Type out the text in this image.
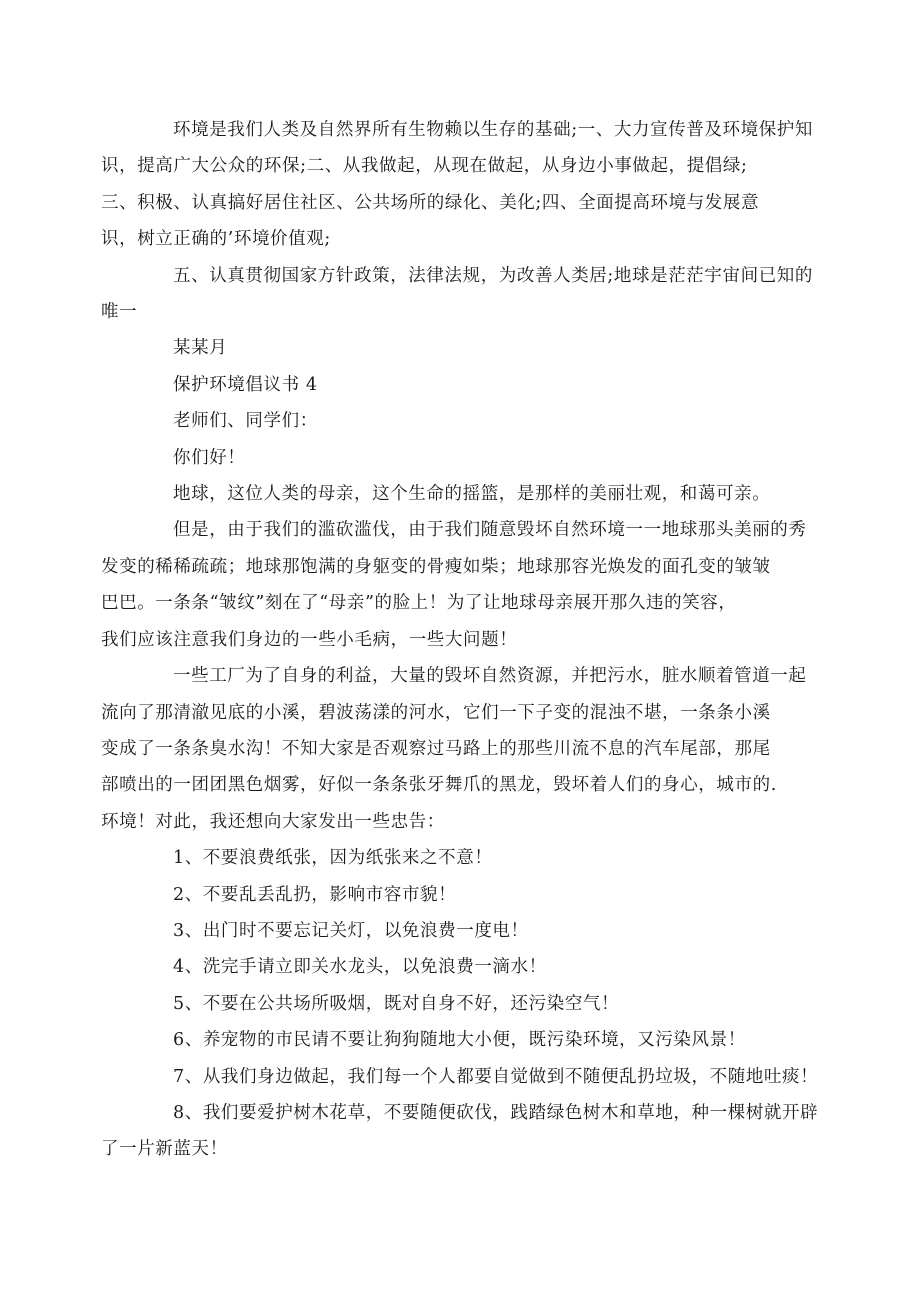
环境是我们人类及自然界所有生物赖以生存的基础;一、大力宣传普及环境保护知
识，提高广大公众的环保;二、从我做起，从现在做起，从身边小事做起，提倡绿;
三、积极、认真搞好居住社区、公共场所的绿化、美化;四、全面提高环境与发展意
识，树立正确的’环境价值观;

五、认真贯彻国家方针政策，法律法规，为改善人类居;地球是茫茫宇宙间已知的
唯一

某某月

保护环境倡议书 4

老师们、同学们：

你们好！

地球，这位人类的母亲，这个生命的摇篮，是那样的美丽壮观，和蔼可亲。

但是，由于我们的滥砍滥伐，由于我们随意毁坏自然环境一一地球那头美丽的秀
发变的稀稀疏疏；地球那饱满的身躯变的骨瘦如柴；地球那容光焕发的面孔变的皱皱
巴巴。一条条“皱纹”刻在了“母亲”的脸上！为了让地球母亲展开那久违的笑容，
我们应该注意我们身边的一些小毛病，一些大问题！

一些工厂为了自身的利益，大量的毁坏自然资源，并把污水，脏水顺着管道一起
流向了那清澈见底的小溪，碧波荡漾的河水，它们一下子变的混浊不堪，一条条小溪
变成了一条条臭水沟！不知大家是否观察过马路上的那些川流不息的汽车尾部，那尾
部喷出的一团团黑色烟雾，好似一条条张牙舞爪的黑龙，毁坏着人们的身心，城市的.
环境！对此，我还想向大家发出一些忠告：

1、不要浪费纸张，因为纸张来之不意！

2、不要乱丢乱扔，影响市容市貌！

3、出门时不要忘记关灯，以免浪费一度电！

4、洗完手请立即关水龙头，以免浪费一滴水！

5、不要在公共场所吸烟，既对自身不好，还污染空气！

6、养宠物的市民请不要让狗狗随地大小便，既污染环境，又污染风景！

7、从我们身边做起，我们每一个人都要自觉做到不随便乱扔垃圾，不随地吐痰！

8、我们要爱护树木花草，不要随便砍伐，践踏绿色树木和草地，种一棵树就开辟
了一片新蓝天！
